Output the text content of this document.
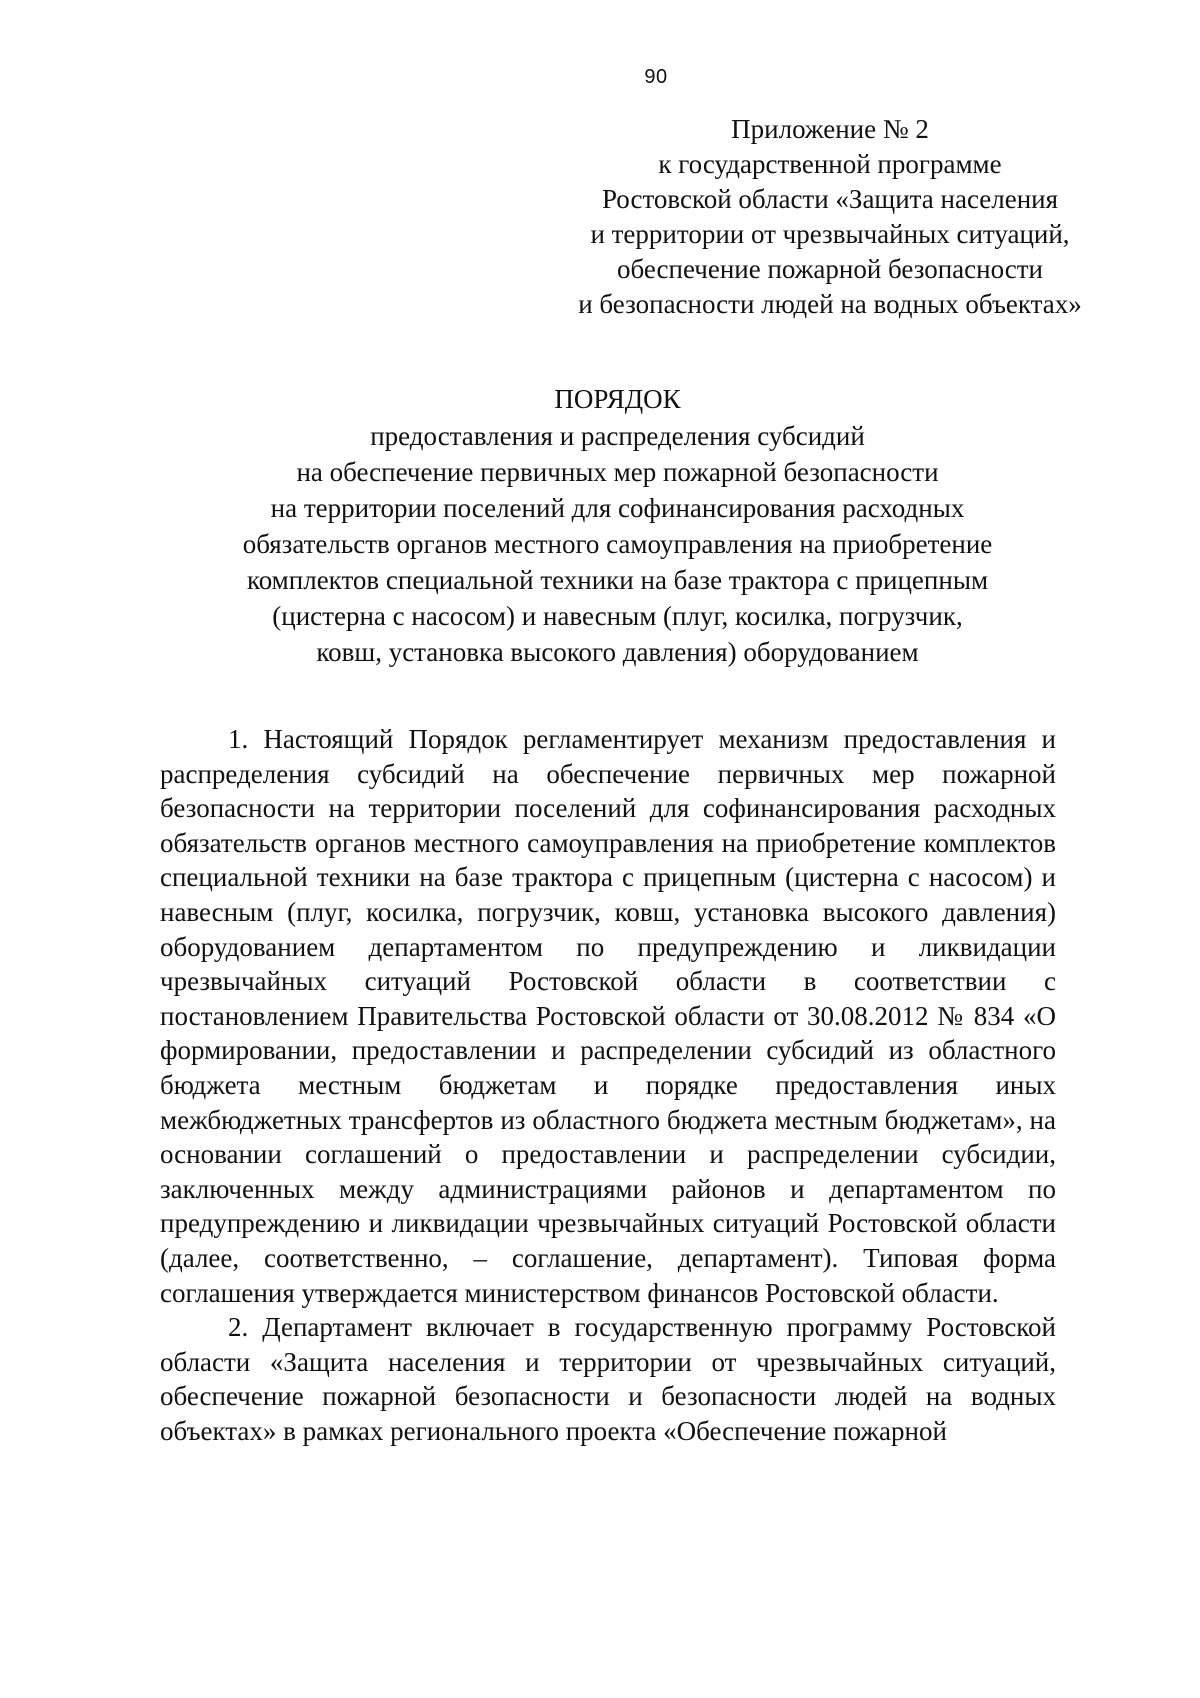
90
Приложение № 2
к государственной программе
Ростовской области «Защита населения
и территории от чрезвычайных ситуаций,
обеспечение пожарной безопасности
и безопасности людей на водных объектах»
ПОРЯДОК
предоставления и распределения субсидий
на обеспечение первичных мер пожарной безопасности
на территории поселений для софинансирования расходных
обязательств органов местного самоуправления на приобретение
комплектов специальной техники на базе трактора с прицепным
(цистерна с насосом) и навесным (плуг, косилка, погрузчик,
ковш, установка высокого давления) оборудованием

1. Настоящий Порядок регламентирует механизм предоставления и распределения субсидий на обеспечение первичных мер пожарной безопасности на территории поселений для софинансирования расходных обязательств органов местного самоуправления на приобретение комплектов специальной техники на базе трактора с прицепным (цистерна с насосом) и навесным (плуг, косилка, погрузчик, ковш, установка высокого давления) оборудованием департаментом по предупреждению и ликвидации чрезвычайных ситуаций Ростовской области в соответствии с постановлением Правительства Ростовской области от 30.08.2012 № 834 «О формировании, предоставлении и распределении субсидий из областного бюджета местным бюджетам и порядке предоставления иных межбюджетных трансфертов из областного бюджета местным бюджетам», на основании соглашений о предоставлении и распределении субсидии, заключенных между администрациями районов и департаментом по предупреждению и ликвидации чрезвычайных ситуаций Ростовской области (далее, соответственно, – соглашение, департамент). Типовая форма соглашения утверждается министерством финансов Ростовской области.

2. Департамент включает в государственную программу Ростовской области «Защита населения и территории от чрезвычайных ситуаций, обеспечение пожарной безопасности и безопасности людей на водных объектах» в рамках регионального проекта «Обеспечение пожарной
